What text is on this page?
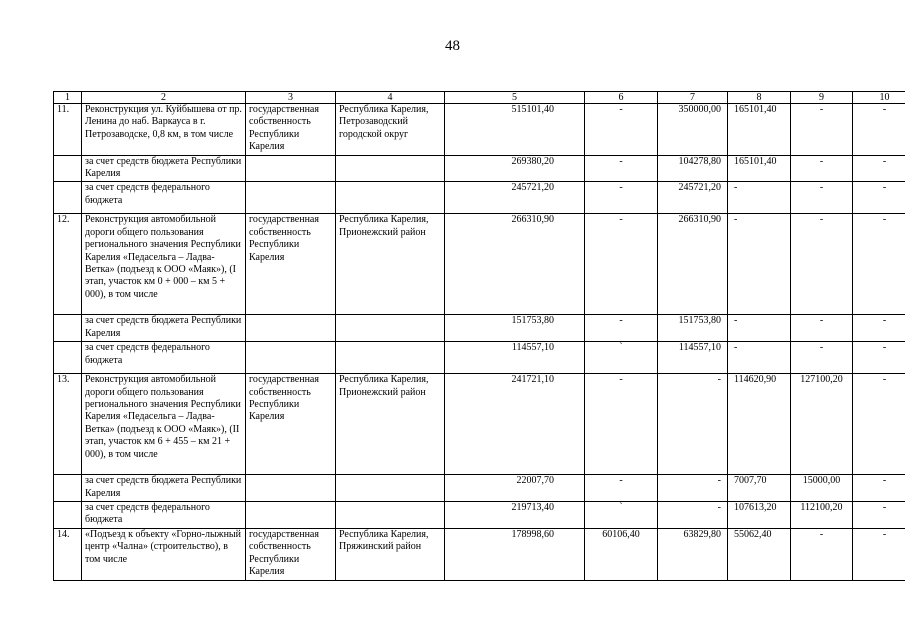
48
1	2	3	4	5	6	7	8	9	10
11.	Реконструкция ул. Куйбышева от пр. Ленина до наб. Варкауса в г. Петрозаводске, 0,8 км, в том числе	государственная собственность Республики Карелия	Республика Карелия, Петрозаводский городской округ	515101,40	-	350000,00	165101,40	-	-
	за счет средств бюджета Республики Карелия			269380,20	-	104278,80	165101,40	-	-
	за счет средств федерального бюджета			245721,20	-	245721,20	-	-	-
12.	Реконструкция автомобильной дороги общего пользования регионального значения Республики Карелия «Педасельга – Ладва-Ветка» (подъезд к ООО «Маяк»), (I этап, участок км 0 + 000 – км 5 + 000), в том числе	государственная собственность Республики Карелия	Республика Карелия, Прионежский район	266310,90	-	266310,90	-	-	-
	за счет средств бюджета Республики Карелия			151753,80	-	151753,80	-	-	-
	за счет средств федерального бюджета			114557,10	`	114557,10	-	-	-
13.	Реконструкция автомобильной дороги общего пользования регионального значения Республики Карелия «Педасельга – Ладва-Ветка» (подъезд к ООО «Маяк»), (II этап, участок км 6 + 455 – км 21 + 000), в том числе	государственная собственность Республики Карелия	Республика Карелия, Прионежский район	241721,10	-	-	114620,90	127100,20	-
	за счет средств бюджета Республики Карелия			22007,70	-	-	7007,70	15000,00	-
	за счет средств федерального бюджета			219713,40	`	-	107613,20	112100,20	-
14.	«Подъезд к объекту «Горно-лыжный центр «Чална» (строительство), в том числе	государственная собственность Республики Карелия	Республика Карелия, Пряжинский район	178998,60	60106,40	63829,80	55062,40	-	-
